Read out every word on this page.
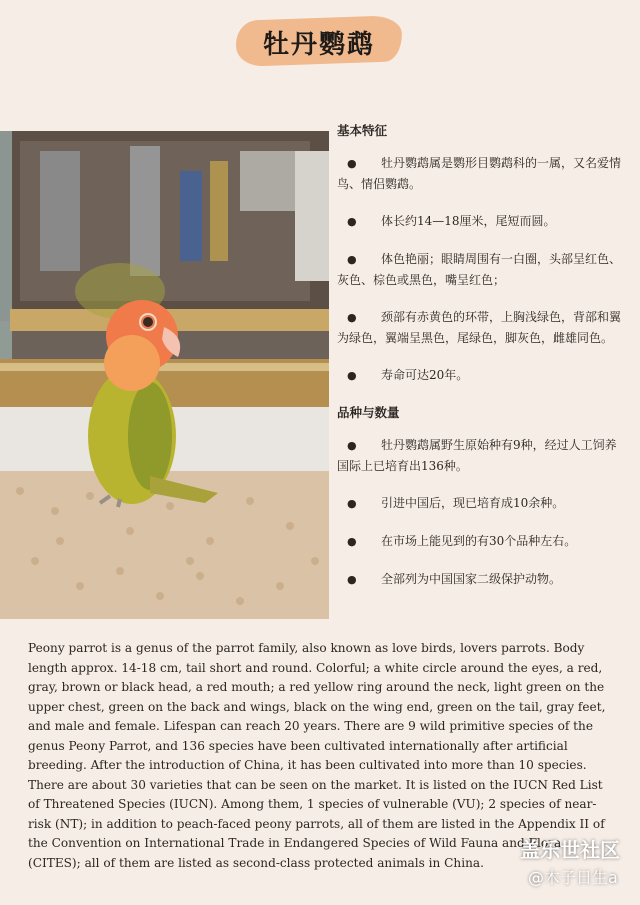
牡丹鹦鹉
基本特征
● 牡丹鹦鹉属是鹦形目鹦鹉科的一属，又名爱情鸟、情侣鹦鹉。
● 体长约14—18厘米，尾短而圆。
● 体色艳丽；眼睛周围有一白圈，头部呈红色、灰色、棕色或黑色，嘴呈红色；
● 颈部有赤黄色的环带，上胸浅绿色，背部和翼为绿色，翼端呈黑色，尾绿色，脚灰色，雌雄同色。
● 寿命可达20年。
品种与数量
● 牡丹鹦鹉属野生原始种有9种，经过人工饲养国际上已培育出136种。
● 引进中国后，现已培育成10余种。
● 在市场上能见到的有30个品种左右。
● 全部列为中国国家二级保护动物。
Peony parrot is a genus of the parrot family, also known as love birds, lovers parrots. Body length approx. 14-18 cm, tail short and round. Colorful; a white circle around the eyes, a red, gray, brown or black head, a red mouth; a red yellow ring around the neck, light green on the upper chest, green on the back and wings, black on the wing end, green on the tail, gray feet, and male and female. Lifespan can reach 20 years. There are 9 wild primitive species of the genus Peony Parrot, and 136 species have been cultivated internationally after artificial breeding. After the introduction of China, it has been cultivated into more than 10 species. There are about 30 varieties that can be seen on the market. It is listed on the IUCN Red List of Threatened Species (IUCN). Among them, 1 species of vulnerable (VU); 2 species of near-risk (NT); in addition to peach-faced peony parrots, all of them are listed in the Appendix II of the Convention on International Trade in Endangered Species of Wild Fauna and Flora (CITES); all of them are listed as second-class protected animals in China.
盖乐世社区
@木子日生a
